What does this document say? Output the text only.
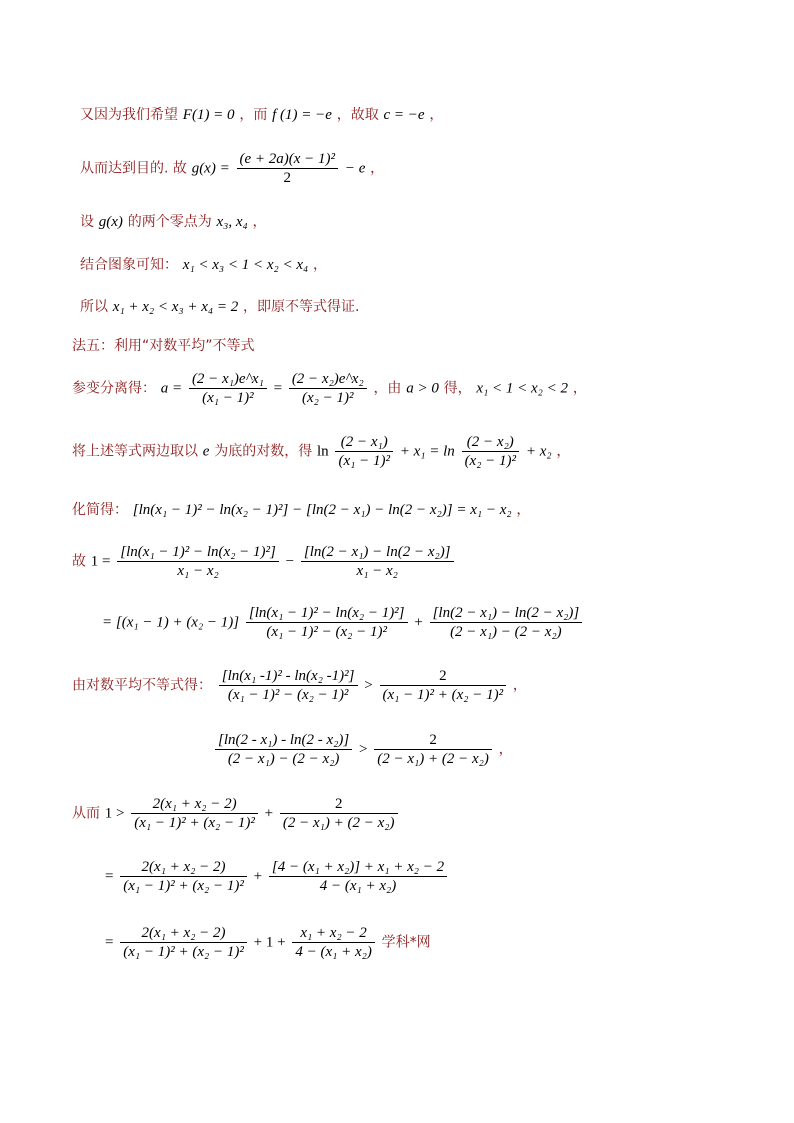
又因为我们希望 F(1) = 0 ，而 f (1) = −e ，故取 c = −e ，
从而达到目的. 故 $g(x) = \frac{\text{(e + 2a)(x − 1)²}}{2} - e$ ，
设 g(x) 的两个零点为 x₃, x₄ ，
结合图象可知： x₁ < x₃ < 1 < x₂ < x₄ ，
所以 x₁ + x₂ < x₃ + x₄ = 2 ，即原不等式得证.
法五：利用“对数平均”不等式
参变分离得： $a = \frac{\text{(2 − x₁)e\textasciicircum{}x₁}}{\text{(x₁ − 1)²}} = \frac{\text{(2 − x₂)e\textasciicircum{}x₂}}{\text{(x₂ − 1)²}}$ ，由 a > 0 得， x₁ < 1 < x₂ < 2 ，
将上述等式两边取以 e 为底的对数，得 $\ln \frac{\text{(2 − x₁)}}{\text{(x₁ − 1)²}} + x_1 = \ln \frac{\text{(2 − x₂)}}{\text{(x₂ − 1)²}} + x_2$ ，
化简得： [ln(x₁ − 1)² − ln(x₂ − 1)²] − [ln(2 − x₁) − ln(2 − x₂)] = x₁ − x₂ ，
故 $1 = \frac{\text{[ln(x₁ − 1)² − ln(x₂ − 1)²]}}{\text{x₁ − x₂}} - \frac{\text{[ln(2 − x₁) − ln(2 − x₂)]}}{\text{x₁ − x₂}}$
= $[(x_1 - 1) + (x_2 - 1)] \frac{\text{[ln(x₁ − 1)² − ln(x₂ − 1)²]}}{\text{(x₁ − 1)² − (x₂ − 1)²}} + \frac{\text{[ln(2 − x₁) − ln(2 − x₂)]}}{\text{(2 − x₁) − (2 − x₂)}}$
由对数平均不等式得： $\frac{\text{[ln(x₁ -1)² - ln(x₂ -1)²]}}{\text{(x₁ − 1)² − (x₂ − 1)²}} > \frac{2}{\text{(x₁ − 1)² + (x₂ − 1)²}}$ ，
$\frac{\text{[ln(2 - x₁) - ln(2 - x₂)]}}{\text{(2 − x₁) − (2 − x₂)}} > \frac{2}{\text{(2 − x₁) + (2 − x₂)}}$ ，
从而 $1 > \frac{\text{2(x₁ + x₂ − 2)}}{\text{(x₁ − 1)² + (x₂ − 1)²}} + \frac{2}{\text{(2 − x₁) + (2 − x₂)}}$
= $\frac{\text{2(x₁ + x₂ − 2)}}{\text{(x₁ − 1)² + (x₂ − 1)²}} + \frac{\text{[4 − (x₁ + x₂)] + x₁ + x₂ − 2}}{\text{4 − (x₁ + x₂)}}$
= $\frac{\text{2(x₁ + x₂ − 2)}}{\text{(x₁ − 1)² + (x₂ − 1)²}} + 1 + \frac{\text{x₁ + x₂ − 2}}{\text{4 − (x₁ + x₂)}}$ 学科*网
